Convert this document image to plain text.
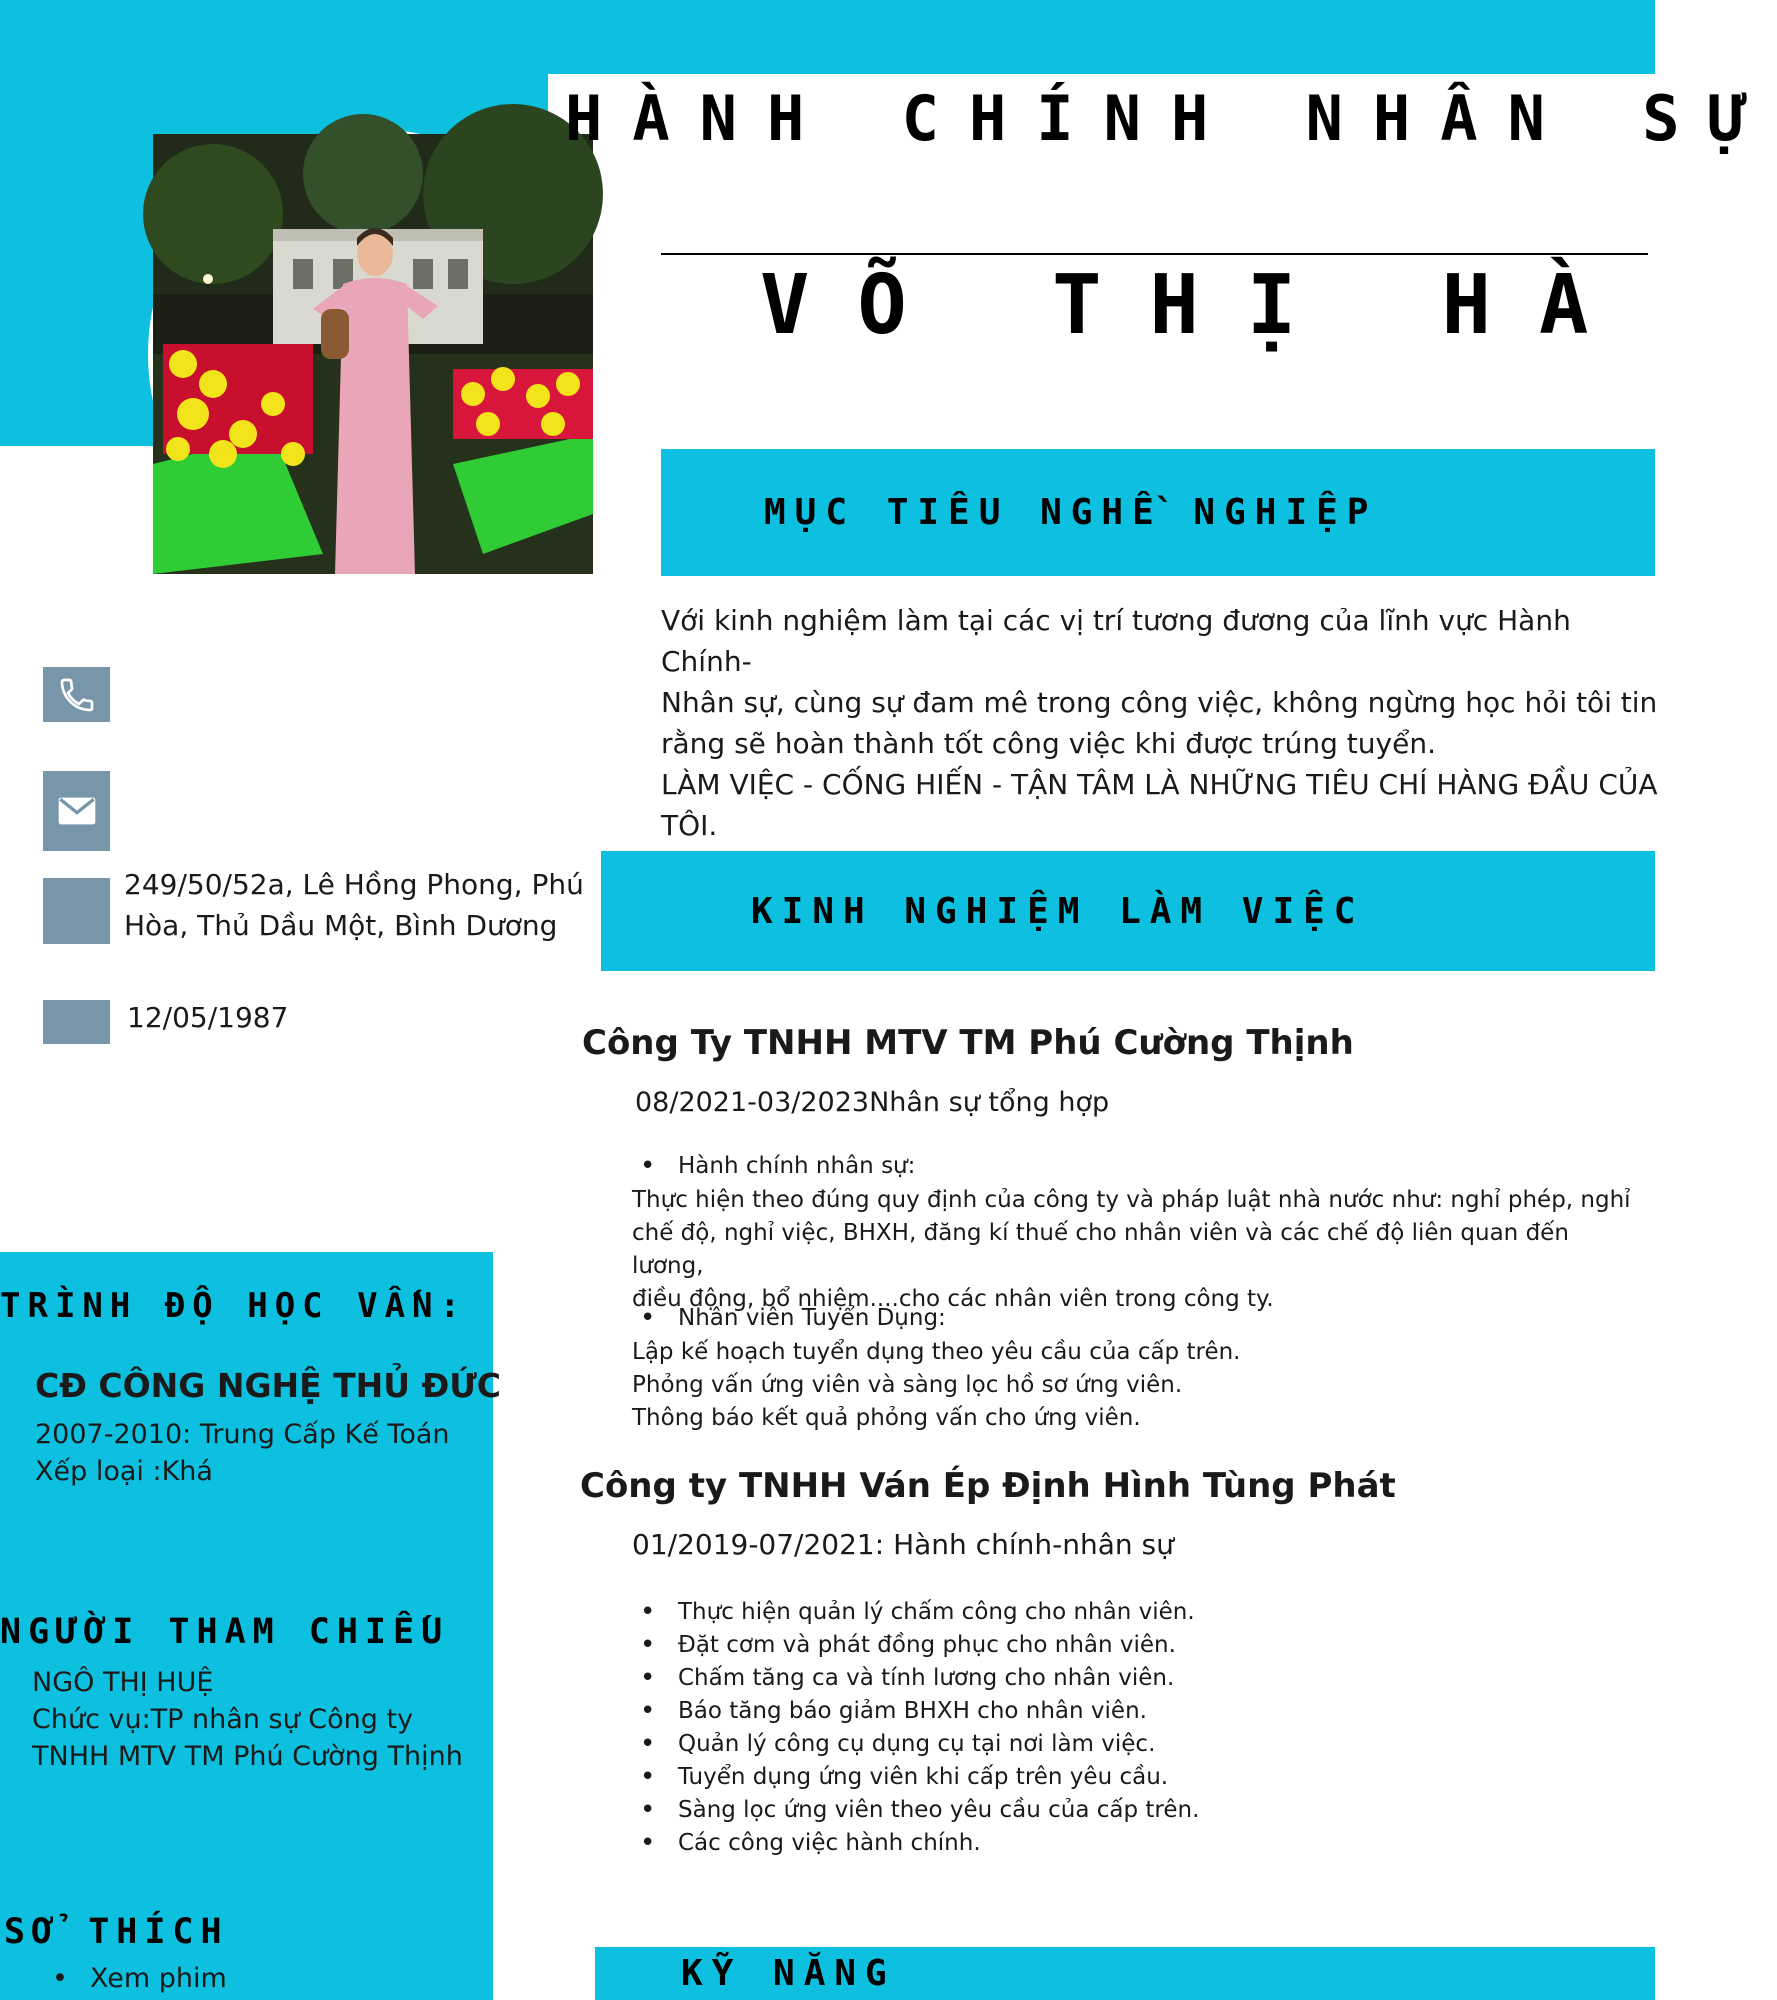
HÀNH CHÍNH NHÂN SỰ
VÕ THỊ HÀ
MỤC TIÊU NGHỀ NGHIỆP

Với kinh nghiệm làm tại các vị trí tương đương của lĩnh vực Hành Chính-

Nhân sự, cùng sự đam mê trong công việc, không ngừng học hỏi tôi tin

rằng sẽ hoàn thành tốt công việc khi được trúng tuyển.

LÀM VIỆC - CỐNG HIẾN - TẬN TÂM LÀ NHỮNG TIÊU CHÍ HÀNG ĐẦU CỦA

TÔI.

249/50/52a, Lê Hồng Phong, Phú
Hòa, Thủ Dầu Một, Bình Dương
12/05/1987
KINH NGHIỆM LÀM VIỆC
Công Ty TNHH MTV TM Phú Cường Thịnh
08/2021-03/2023Nhân sự tổng hợp
• Hành chính nhân sự:

Thực hiện theo đúng quy định của công ty và pháp luật nhà nước như: nghỉ phép, nghỉ

chế độ, nghỉ việc, BHXH, đăng kí thuế cho nhân viên và các chế độ liên quan đến lương,

điều động, bổ nhiệm....cho các nhân viên trong công ty.

• Nhân viên Tuyển Dụng:

Lập kế hoạch tuyển dụng theo yêu cầu của cấp trên.

Phỏng vấn ứng viên và sàng lọc hồ sơ ứng viên.

Thông báo kết quả phỏng vấn cho ứng viên.

Công ty TNHH Ván Ép Định Hình Tùng Phát
01/2019-07/2021: Hành chính-nhân sự
• Thực hiện quản lý chấm công cho nhân viên.
• Đặt cơm và phát đồng phục cho nhân viên.
• Chấm tăng ca và tính lương cho nhân viên.
• Báo tăng báo giảm BHXH cho nhân viên.
• Quản lý công cụ dụng cụ tại nơi làm việc.
• Tuyển dụng ứng viên khi cấp trên yêu cầu.
• Sàng lọc ứng viên theo yêu cầu của cấp trên.
• Các công việc hành chính.
KỸ NĂNG
TRÌNH ĐỘ HỌC VẤN:
CĐ CÔNG NGHỆ THỦ ĐỨC
2007-2010: Trung Cấp Kế Toán
Xếp loại :Khá
NGƯỜI THAM CHIẾU
NGÔ THỊ HUỆ
Chức vụ:TP nhân sự Công ty
TNHH MTV TM Phú Cường Thịnh
SỞ THÍCH
• Xem phim
